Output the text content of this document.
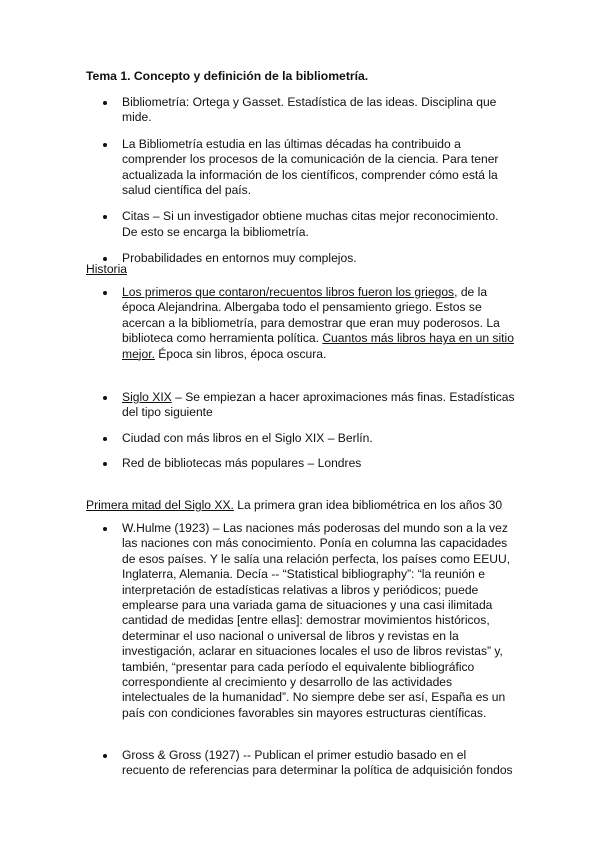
Tema 1. Concepto y definición de la bibliometría.
Bibliometría: Ortega y Gasset. Estadística de las ideas. Disciplina que mide.
La Bibliometría estudia en las últimas décadas ha contribuido a comprender los procesos de la comunicación de la ciencia. Para tener actualizada la información de los científicos, comprender cómo está la salud científica del país.
Citas – Si un investigador obtiene muchas citas mejor reconocimiento. De esto se encarga la bibliometría.
Probabilidades en entornos muy complejos.
Historia
Los primeros que contaron/recuentos libros fueron los griegos, de la época Alejandrina. Albergaba todo el pensamiento griego. Estos se acercan a la bibliometría, para demostrar que eran muy poderosos. La biblioteca como herramienta política. Cuantos más libros haya en un sitio mejor. Época sin libros, época oscura.
Siglo XIX – Se empiezan a hacer aproximaciones más finas. Estadísticas del tipo siguiente
Ciudad con más libros en el Siglo XIX – Berlín.
Red de bibliotecas más populares – Londres
Primera mitad del Siglo XX. La primera gran idea bibliométrica en los años 30
W.Hulme (1923) – Las naciones más poderosas del mundo son a la vez las naciones con más conocimiento. Ponía en columna las capacidades de esos países. Y le salía una relación perfecta, los países como EEUU, Inglaterra, Alemania. Decía -- “Statistical bibliography”: “la reunión e interpretación de estadísticas relativas a libros y periódicos; puede emplearse para una variada gama de situaciones y una casi ilimitada cantidad de medidas [entre ellas]: demostrar movimientos históricos, determinar el uso nacional o universal de libros y revistas en la investigación, aclarar en situaciones locales el uso de libros revistas” y, también, “presentar para cada período el equivalente bibliográfico correspondiente al crecimiento y desarrollo de las actividades intelectuales de la humanidad”. No siempre debe ser así, España es un país con condiciones favorables sin mayores estructuras científicas.
Gross & Gross (1927) -- Publican el primer estudio basado en el recuento de referencias para determinar la política de adquisición fondos
